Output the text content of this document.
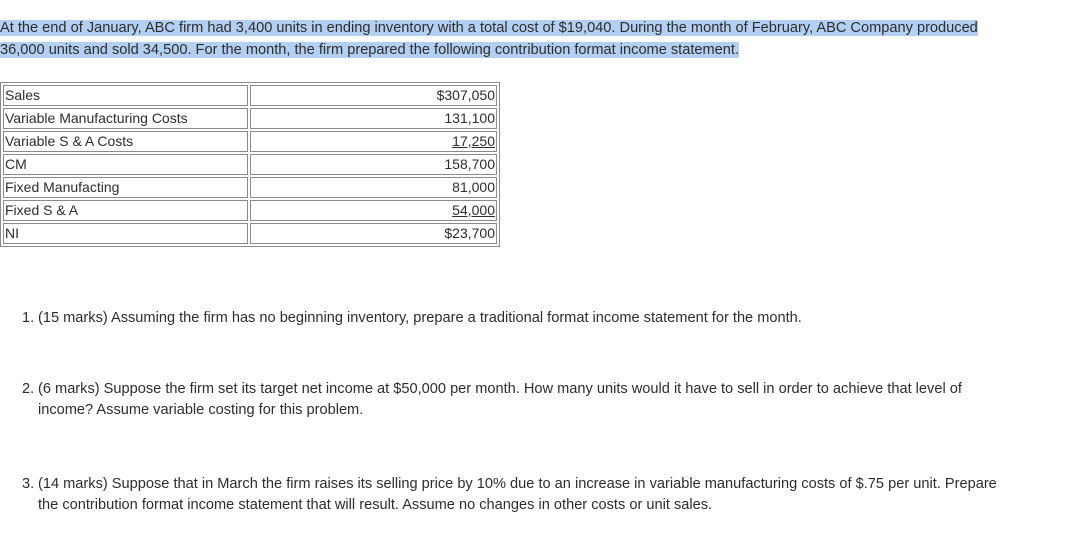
At the end of January, ABC firm had 3,400 units in ending inventory with a total cost of $19,040. During the month of February, ABC Company produced
36,000 units and sold 34,500. For the month, the firm prepared the following contribution format income statement.
Sales	$307,050
Variable Manufacturing Costs	131,100
Variable S & A Costs	17,250
CM	158,700
Fixed Manufacting	81,000
Fixed S & A	54,000
NI	$23,700
1. (15 marks) Assuming the firm has no beginning inventory, prepare a traditional format income statement for the month.
2. (6 marks) Suppose the firm set its target net income at $50,000 per month. How many units would it have to sell in order to achieve that level of
income? Assume variable costing for this problem.
3. (14 marks) Suppose that in March the firm raises its selling price by 10% due to an increase in variable manufacturing costs of $.75 per unit. Prepare
the contribution format income statement that will result. Assume no changes in other costs or unit sales.
